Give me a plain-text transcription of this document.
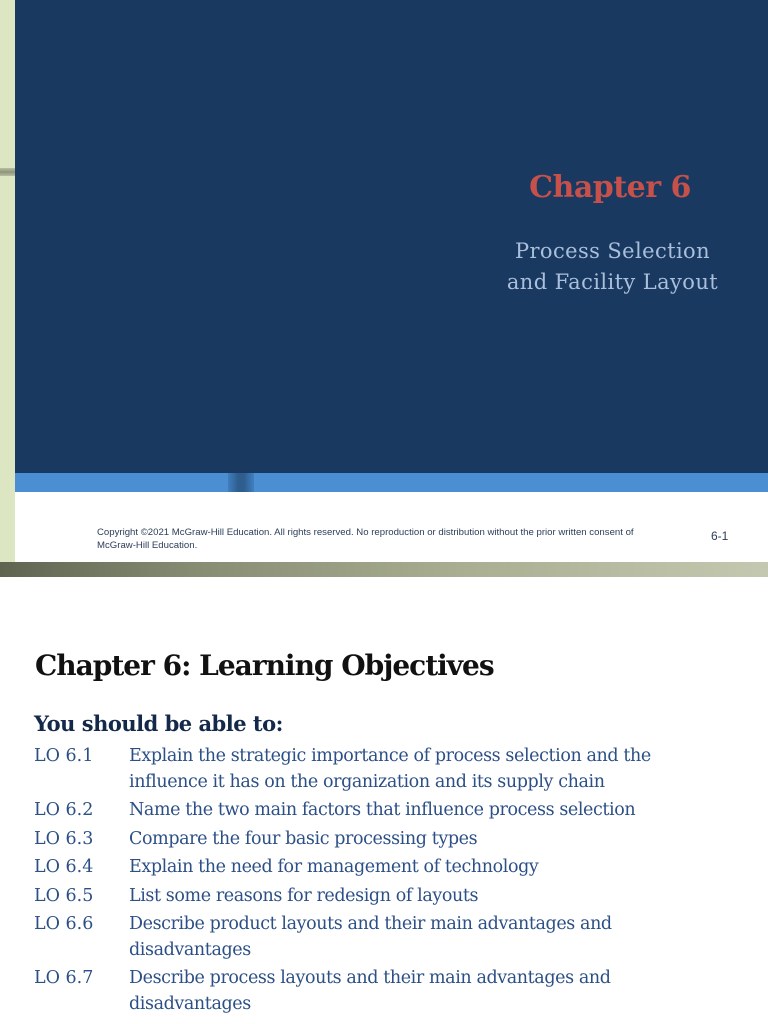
Chapter 6

Process Selection
and Facility Layout

Copyright ©2021 McGraw-Hill Education. All rights reserved. No reproduction or distribution without the prior written consent of
McGraw-Hill Education.
6-1
Chapter 6: Learning Objectives

You should be able to:

LO 6.1	Explain the strategic importance of process selection and the influence it has on the organization and its supply chain
LO 6.2	Name the two main factors that influence process selection
LO 6.3	Compare the four basic processing types
LO 6.4	Explain the need for management of technology
LO 6.5	List some reasons for redesign of layouts
LO 6.6	Describe product layouts and their main advantages and disadvantages
LO 6.7	Describe process layouts and their main advantages and disadvantages
